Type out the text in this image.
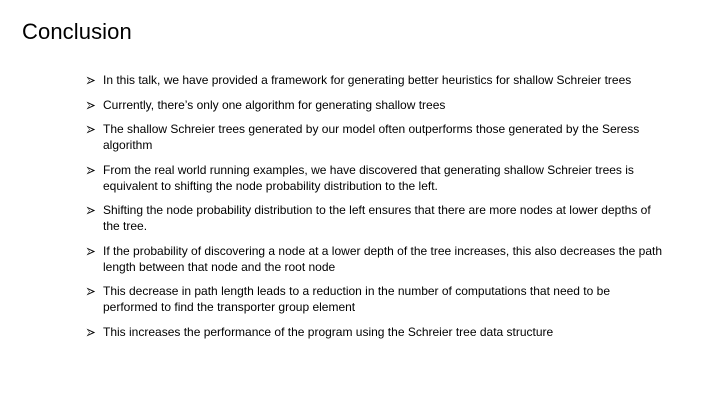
Conclusion
In this talk, we have provided a framework for generating better heuristics for shallow Schreier trees
Currently, there’s only one algorithm for generating shallow trees
The shallow Schreier trees generated by our model often outperforms those generated by the Seress algorithm
From the real world running examples, we have discovered that generating shallow Schreier trees is equivalent to shifting the node probability distribution to the left.
Shifting the node probability distribution to the left ensures that there are more nodes at lower depths of the tree.
If the probability of discovering a node at a lower depth of the tree increases, this also decreases the path length between that node and the root node
This decrease in path length leads to a reduction in the number of computations that need to be performed to find the transporter group element
This increases the performance of the program using the Schreier tree data structure
